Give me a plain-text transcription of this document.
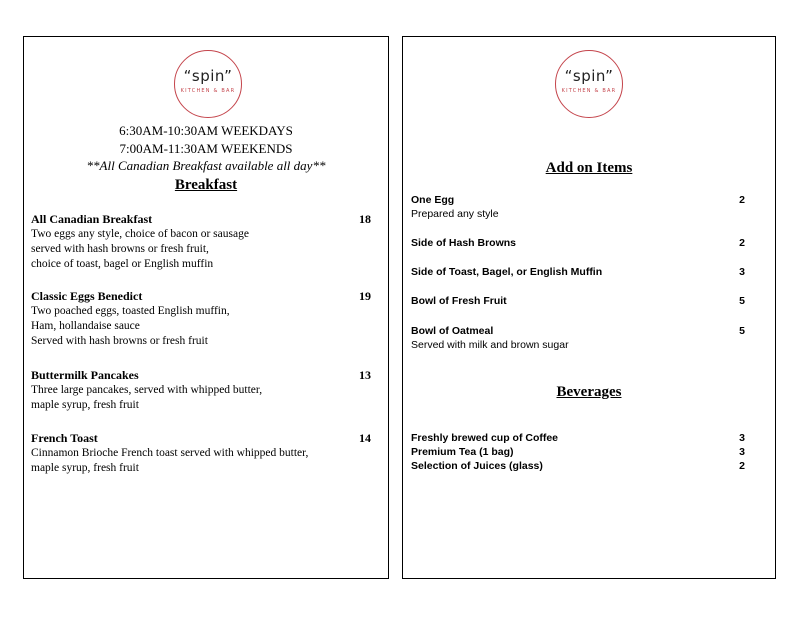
“spin”
KITCHEN & BAR
6:30AM-10:30AM WEEKDAYS
7:00AM-11:30AM WEEKENDS
**All Canadian Breakfast available all day**
Breakfast
All Canadian Breakfast	18
Two eggs any style, choice of bacon or sausage
served with hash browns or fresh fruit,
choice of toast, bagel or English muffin
Classic Eggs Benedict	19
Two poached eggs, toasted English muffin,
Ham, hollandaise sauce
Served with hash browns or fresh fruit
Buttermilk Pancakes	13
Three large pancakes, served with whipped butter,
maple syrup, fresh fruit
French Toast	14
Cinnamon Brioche French toast served with whipped butter,
maple syrup, fresh fruit
“spin”
KITCHEN & BAR
Add on Items
One Egg	2
Prepared any style
Side of Hash Browns	2
Side of Toast, Bagel, or English Muffin	3
Bowl of Fresh Fruit	5
Bowl of Oatmeal	5
Served with milk and brown sugar
Beverages
Freshly brewed cup of Coffee	3
Premium Tea (1 bag)	3
Selection of Juices (glass)	2
